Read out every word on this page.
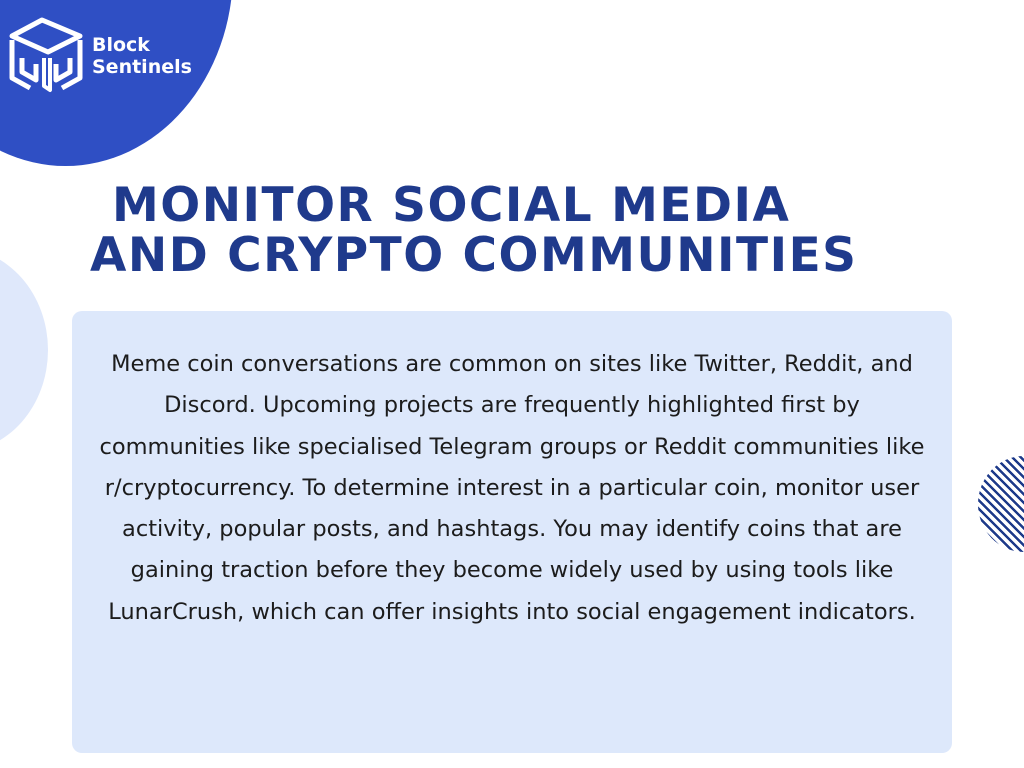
Block
Sentinels
MONITOR SOCIAL MEDIA
AND CRYPTO COMMUNITIES

Meme coin conversations are common on sites like Twitter, Reddit, and Discord. Upcoming projects are frequently highlighted first by communities like specialised Telegram groups or Reddit communities like r/cryptocurrency. To determine interest in a particular coin, monitor user activity, popular posts, and hashtags. You may identify coins that are gaining traction before they become widely used by using tools like LunarCrush, which can offer insights into social engagement indicators.
